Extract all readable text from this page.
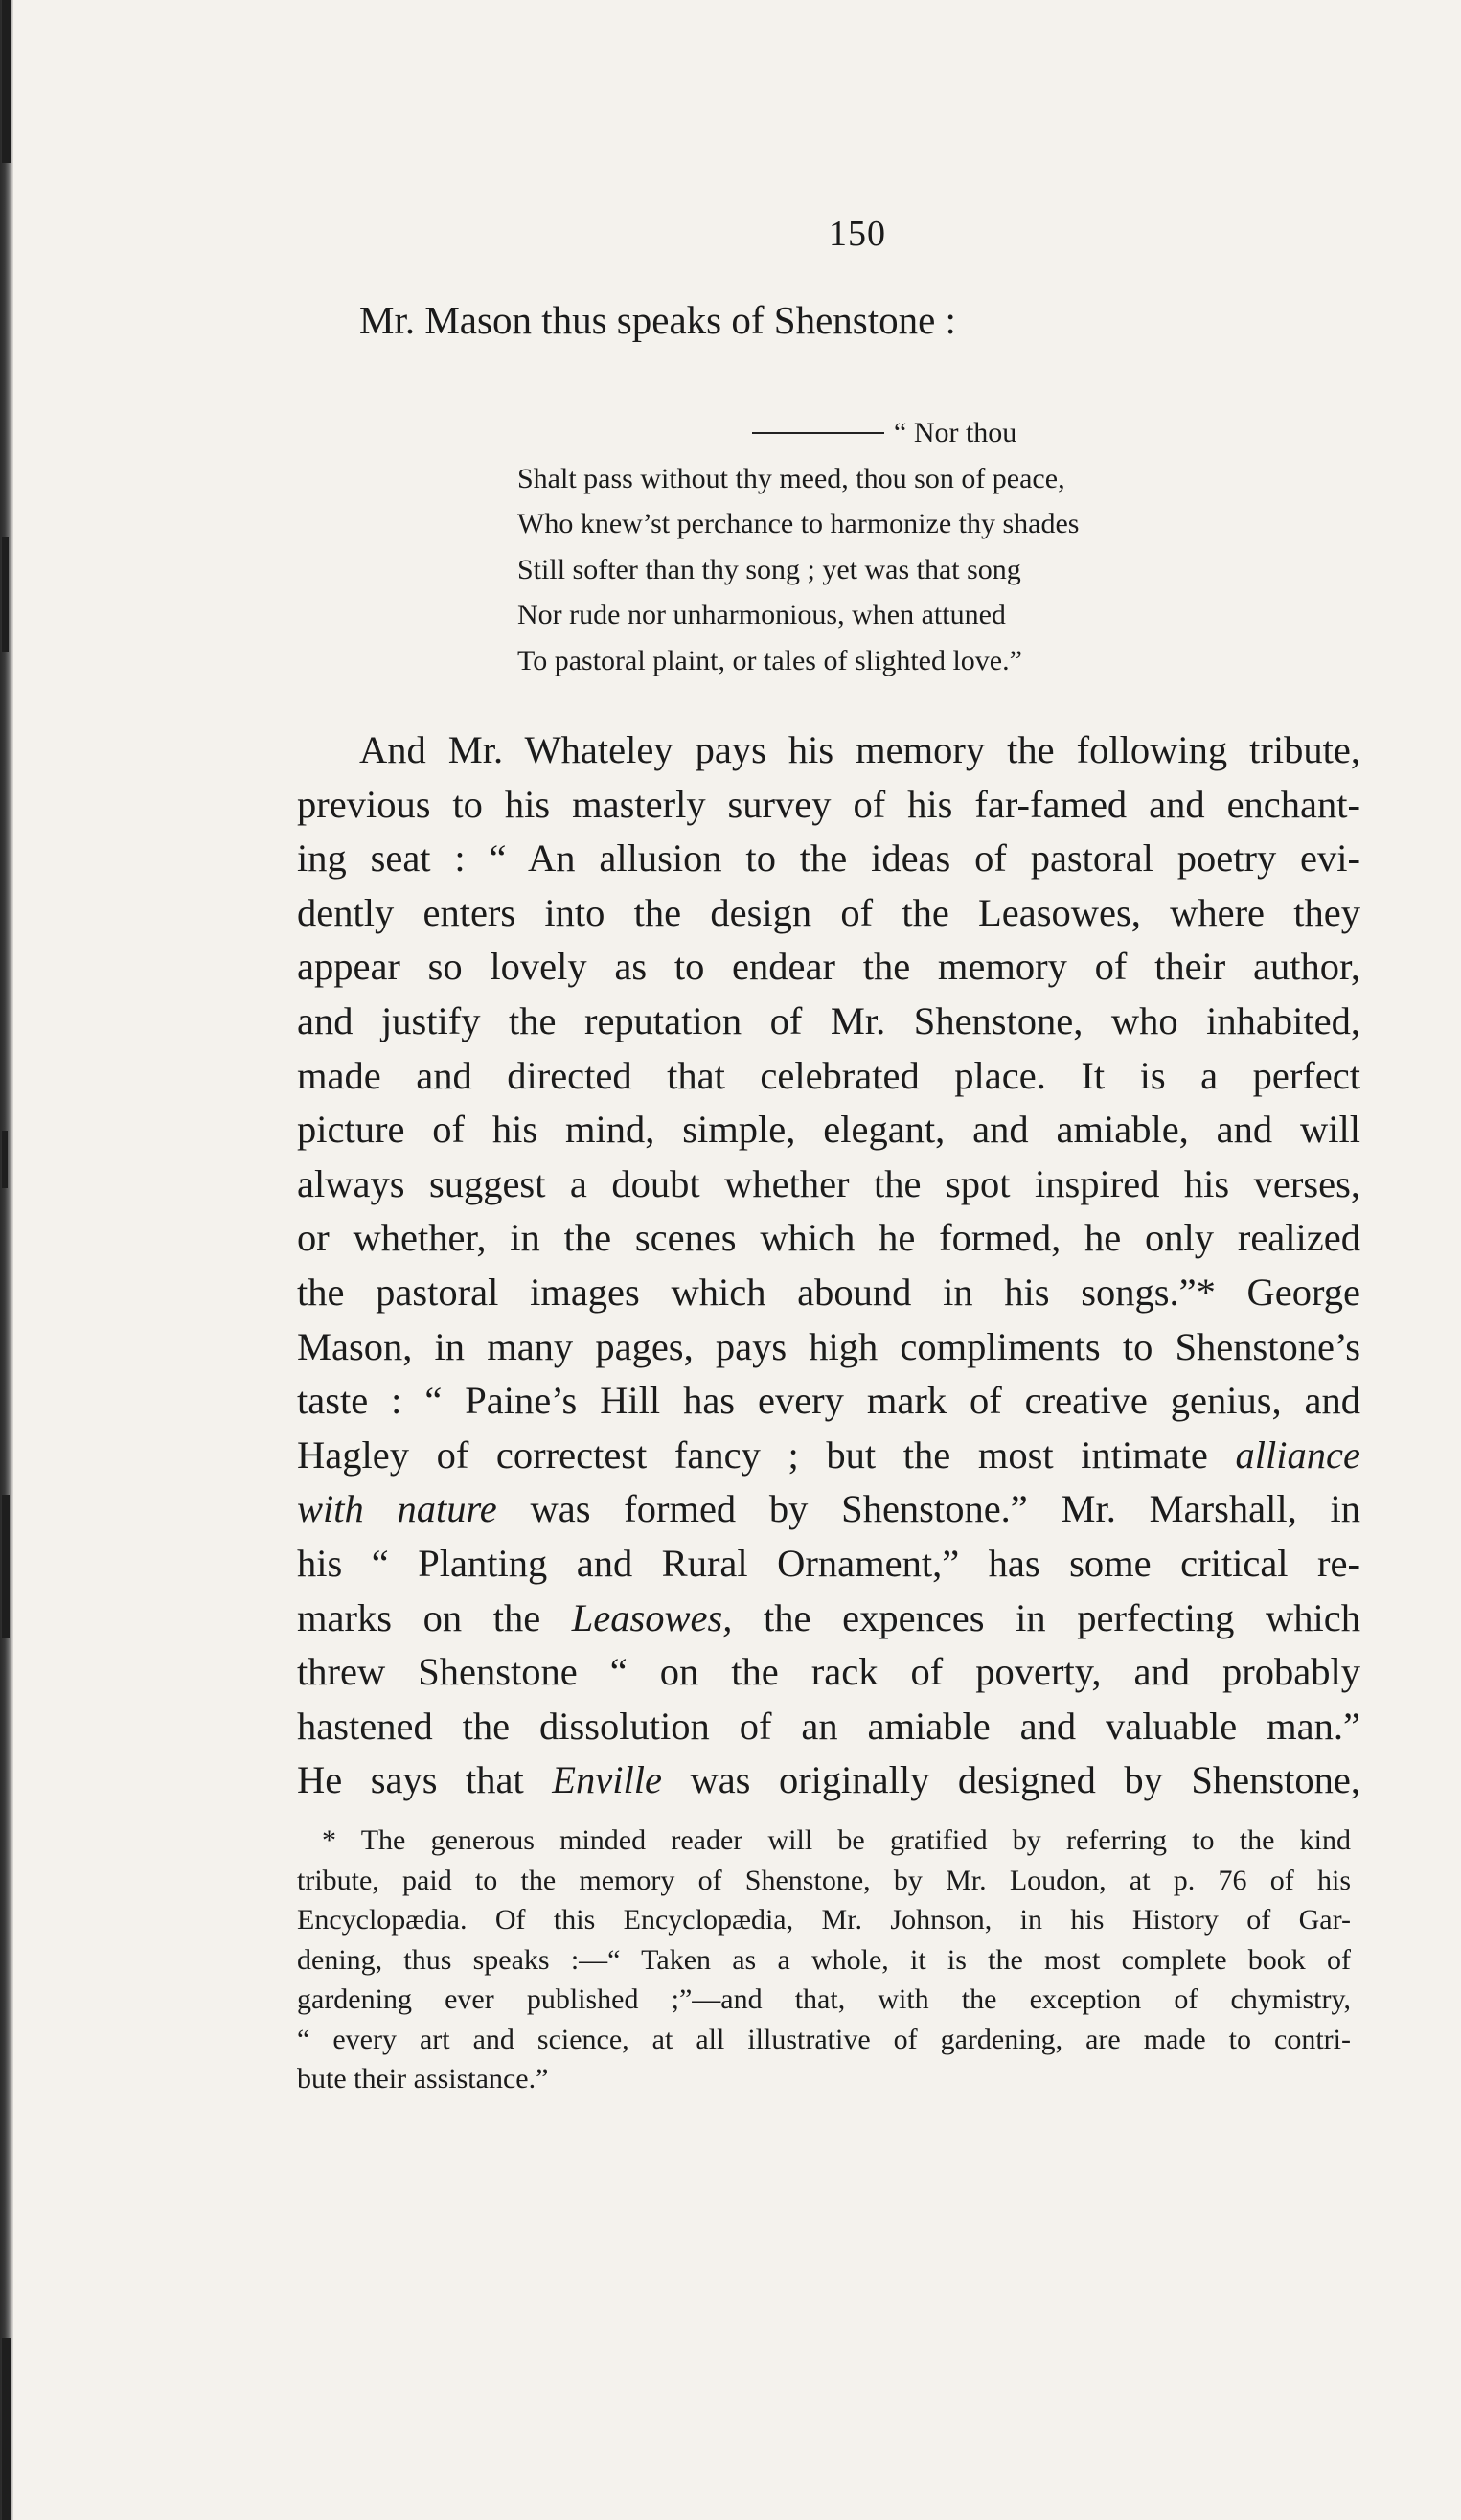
150
Mr. Mason thus speaks of Shenstone :
“ Nor thou
Shalt pass without thy meed, thou son of peace,
Who knew’st perchance to harmonize thy shades
Still softer than thy song ; yet was that song
Nor rude nor unharmonious, when attuned
To pastoral plaint, or tales of slighted love.”
And Mr. Whateley pays his memory the following tribute,
previous to his masterly survey of his far-famed and enchant-
ing seat : “ An allusion to the ideas of pastoral poetry evi-
dently enters into the design of the Leasowes, where they
appear so lovely as to endear the memory of their author,
and justify the reputation of Mr. Shenstone, who inhabited,
made and directed that celebrated place. It is a perfect
picture of his mind, simple, elegant, and amiable, and will
always suggest a doubt whether the spot inspired his verses,
or whether, in the scenes which he formed, he only realized
the pastoral images which abound in his songs.”* George
Mason, in many pages, pays high compliments to Shenstone’s
taste : “ Paine’s Hill has every mark of creative genius, and
Hagley of correctest fancy ; but the most intimate alliance
with nature was formed by Shenstone.” Mr. Marshall, in
his “ Planting and Rural Ornament,” has some critical re-
marks on the Leasowes, the expences in perfecting which
threw Shenstone “ on the rack of poverty, and probably
hastened the dissolution of an amiable and valuable man.”
He says that Enville was originally designed by Shenstone,
* The generous minded reader will be gratified by referring to the kind
tribute, paid to the memory of Shenstone, by Mr. Loudon, at p. 76 of his
Encyclopædia. Of this Encyclopædia, Mr. Johnson, in his History of Gar-
dening, thus speaks :—“ Taken as a whole, it is the most complete book of
gardening ever published ;”—and that, with the exception of chymistry,
“ every art and science, at all illustrative of gardening, are made to contri-
bute their assistance.”
